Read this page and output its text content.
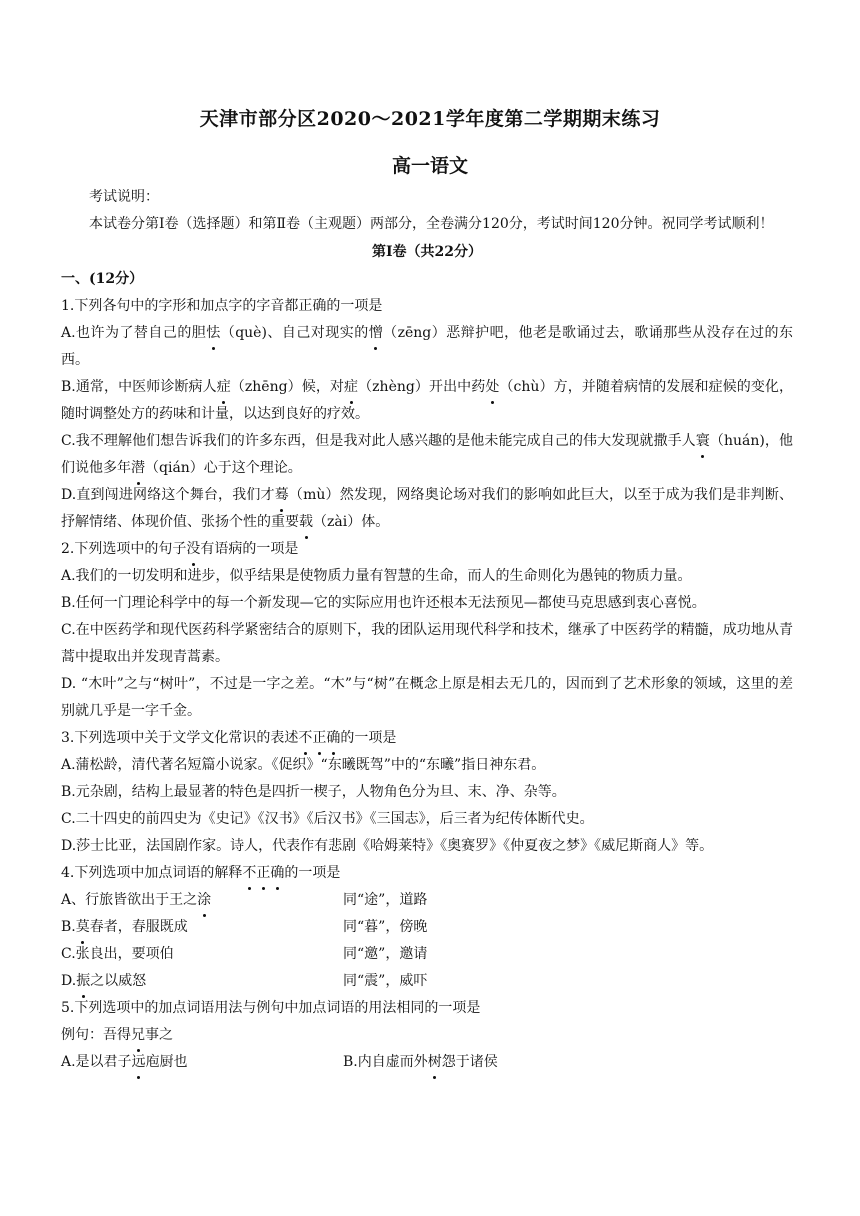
天津市部分区2020～2021学年度第二学期期末练习
高一语文
考试说明：
本试卷分第Ⅰ卷（选择题）和第Ⅱ卷（主观题）两部分，全卷满分120分，考试时间120分钟。祝同学考试顺利！
第Ⅰ卷（共22分）
一、(12分）
1.下列各句中的字形和加点字的字音都正确的一项是
A.也许为了替自己的胆怯（què)、自己对现实的憎（zēng）恶辩护吧，他老是歌诵过去，歌诵那些从没存在过的东西。
B.通常，中医师诊断病人症（zhēng）候，对症（zhèng）开出中药处（chù）方，并随着病情的发展和症候的变化，随时调整处方的药味和计量，以达到良好的疗效。
C.我不理解他们想告诉我们的许多东西，但是我对此人感兴趣的是他未能完成自己的伟大发现就撒手人寰（huán)，他们说他多年潜（qián）心于这个理论。
D.直到闯进网络这个舞台，我们才蓦（mù）然发现，网络奥论场对我们的影响如此巨大，以至于成为我们是非判断、抒解情绪、体现价值、张扬个性的重要载（zài）体。
2.下列选项中的句子没有语病的一项是
A.我们的一切发明和进步，似乎结果是使物质力量有智慧的生命，而人的生命则化为愚钝的物质力量。
B.任何一门理论科学中的每一个新发现—它的实际应用也许还根本无法预见—都使马克思感到衷心喜悦。
C.在中医药学和现代医药科学紧密结合的原则下，我的团队运用现代科学和技术，继承了中医药学的精髓，成功地从青蒿中提取出并发现青蒿素。
D. “木叶”之与“树叶”，不过是一字之差。“木”与“树”在概念上原是相去无几的，因而到了艺术形象的领域，这里的差别就几乎是一字千金。
3.下列选项中关于文学文化常识的表述不正确的一项是
A.蒲松龄，清代著名短篇小说家。《促织》“东曦既驾”中的“东曦”指日神东君。
B.元杂剧，结构上最显著的特色是四折一楔子，人物角色分为旦、末、净、杂等。
C.二十四史的前四史为《史记》《汉书》《后汉书》《三国志》，后三者为纪传体断代史。
D.莎士比亚，法国剧作家。诗人，代表作有悲剧《哈姆莱特》《奥赛罗》《仲夏夜之梦》《威尼斯商人》等。
4.下列选项中加点词语的解释不正确的一项是
A、行旅皆欲出于王之涂	同“途”，道路
B.莫春者，春服既成	同“暮”，傍晚
C.张良出，要项伯	同“邀”，邀请
D.振之以威怒	同“震”，威吓
5.下列选项中的加点词语用法与例句中加点词语的用法相同的一项是
例句：吾得兄事之
A.是以君子远庖厨也	B.内自虚而外树怨于诸侯
